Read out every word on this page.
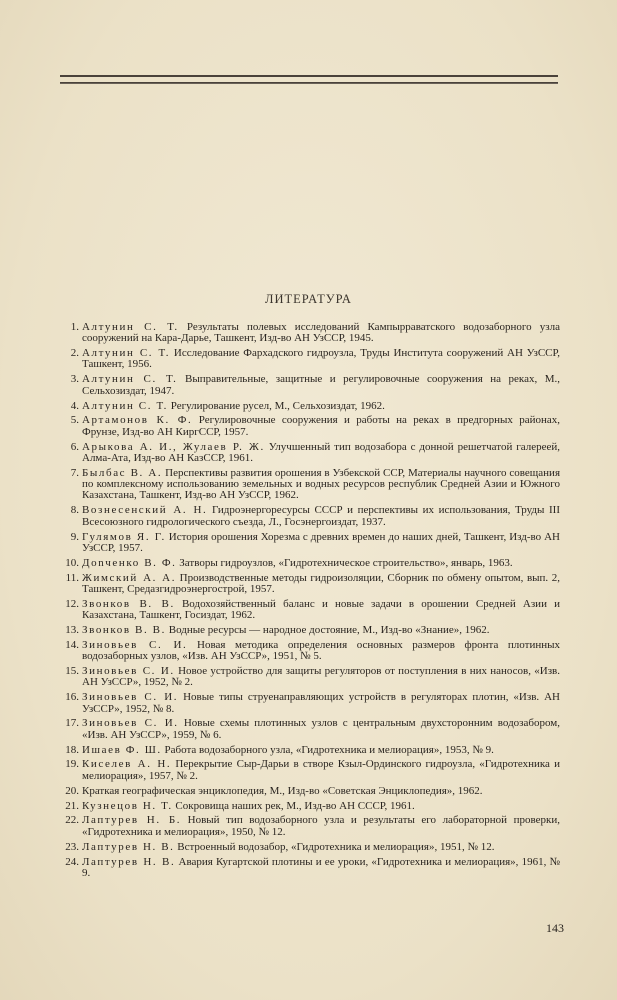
ЛИТЕРАТУРА
1. Алтунин С. Т. Результаты полевых исследований Кампырраватского водозаборного узла сооружений на Кара-Дарье, Ташкент, Изд-во АН УзССР, 1945.
2. Алтунин С. Т. Исследование Фархадского гидроузла, Труды Института сооружений АН УзССР, Ташкент, 1956.
3. Алтунин С. Т. Выправительные, защитные и регулировочные сооружения на реках, М., Сельхозиздат, 1947.
4. Алтунин С. Т. Регулирование русел, М., Сельхозиздат, 1962.
5. Артамонов К. Ф. Регулировочные сооружения и работы на реках в предгорных районах, Фрунзе, Изд-во АН КиргССР, 1957.
6. Арыкова А. И., Жулаев Р. Ж. Улучшенный тип водозабора с донной решетчатой галереей, Алма-Ата, Изд-во АН КазССР, 1961.
7. Былбас В. А. Перспективы развития орошения в Узбекской ССР, Материалы научного совещания по комплексному использованию земельных и водных ресурсов республик Средней Азии и Южного Казахстана, Ташкент, Изд-во АН УзССР, 1962.
8. Вознесенский А. Н. Гидроэнергоресурсы СССР и перспективы их использования, Труды III Всесоюзного гидрологического съезда, Л., Госэнергоиздат, 1937.
9. Гулямов Я. Г. История орошения Хорезма с древних времен до наших дней, Ташкент, Изд-во АН УзССР, 1957.
10. Дonченко В. Ф. Затворы гидроузлов, «Гидротехническое строительство», январь, 1963.
11. Жимский А. А. Производственные методы гидроизоляции, Сборник по обмену опытом, вып. 2, Ташкент, Средазгидроэнергострой, 1957.
12. Звонков В. В. Водохозяйственный баланс и новые задачи в орошении Средней Азии и Казахстана, Ташкент, Госиздат, 1962.
13. Звонков В. В. Водные ресурсы — народное достояние, М., Изд-во «Знание», 1962.
14. Зиновьев С. И. Новая методика определения основных размеров фронта плотинных водозаборных узлов, «Изв. АН УзССР», 1951, № 5.
15. Зиновьев С. И. Новое устройство для защиты регуляторов от поступления в них наносов, «Изв. АН УзССР», 1952, № 2.
16. Зиновьев С. И. Новые типы струенаправляющих устройств в регуляторах плотин, «Изв. АН УзССР», 1952, № 8.
17. Зиновьев С. И. Новые схемы плотинных узлов с центральным двухсторонним водозабором, «Изв. АН УзССР», 1959, № 6.
18. Ишаев Ф. Ш. Работа водозаборного узла, «Гидротехника и мелиорация», 1953, № 9.
19. Киселев А. Н. Перекрытие Сыр-Дарьи в створе Кзыл-Ординского гидроузла, «Гидротехника и мелиорация», 1957, № 2.
20. Краткая географическая энциклопедия, М., Изд-во «Советская Энциклопедия», 1962.
21. Кузнецов Н. Т. Сокровища наших рек, М., Изд-во АН СССР, 1961.
22. Лаптурев Н. Б. Новый тип водозаборного узла и результаты его лабораторной проверки, «Гидротехника и мелиорация», 1950, № 12.
23. Лаптурев Н. В. Встроенный водозабор, «Гидротехника и мелиорация», 1951, № 12.
24. Лаптурев Н. В. Авария Кугартской плотины и ее уроки, «Гидротехника и мелиорация», 1961, № 9.
143
